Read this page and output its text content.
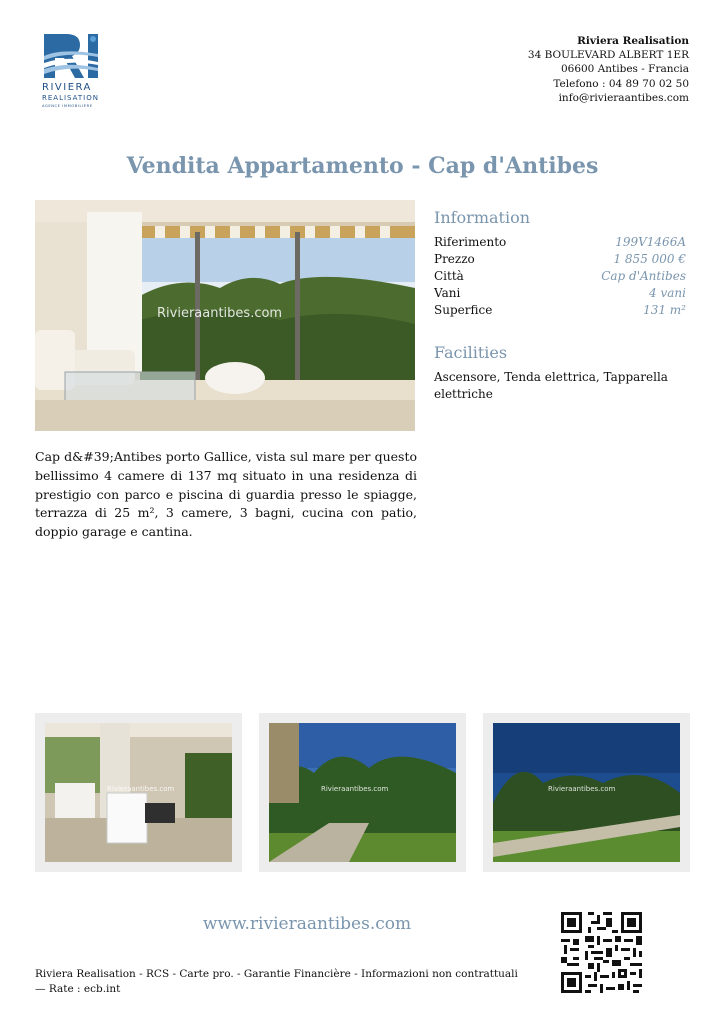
RIVIERA
REALISATION
AGENCE IMMOBILIÈRE
Riviera Realisation
34 BOULEVARD ALBERT 1ER
06600 Antibes - Francia
Telefono : 04 89 70 02 50
info@rivieraantibes.com
Vendita Appartamento - Cap d'Antibes
Rivieraantibes.com
Information
Riferimento	199V1466A
Prezzo	1 855 000 €
Città	Cap d'Antibes
Vani	4 vani
Superfice	131 m²
Facilities
Ascensore, Tenda elettrica, Tapparella elettriche
Cap d&#39;Antibes porto Gallice, vista sul mare per questo bellissimo 4 camere di 137 mq situato in una residenza di prestigio con parco e piscina di guardia presso le spiagge, terrazza di 25 m², 3 camere, 3 bagni, cucina con patio, doppio garage e cantina.
Rivieraantibes.com	Rivieraantibes.com	Rivieraantibes.com
www.rivieraantibes.com
Riviera Realisation - RCS - Carte pro. - Garantie Financière - Informazioni non contrattuali — Rate : ecb.int
